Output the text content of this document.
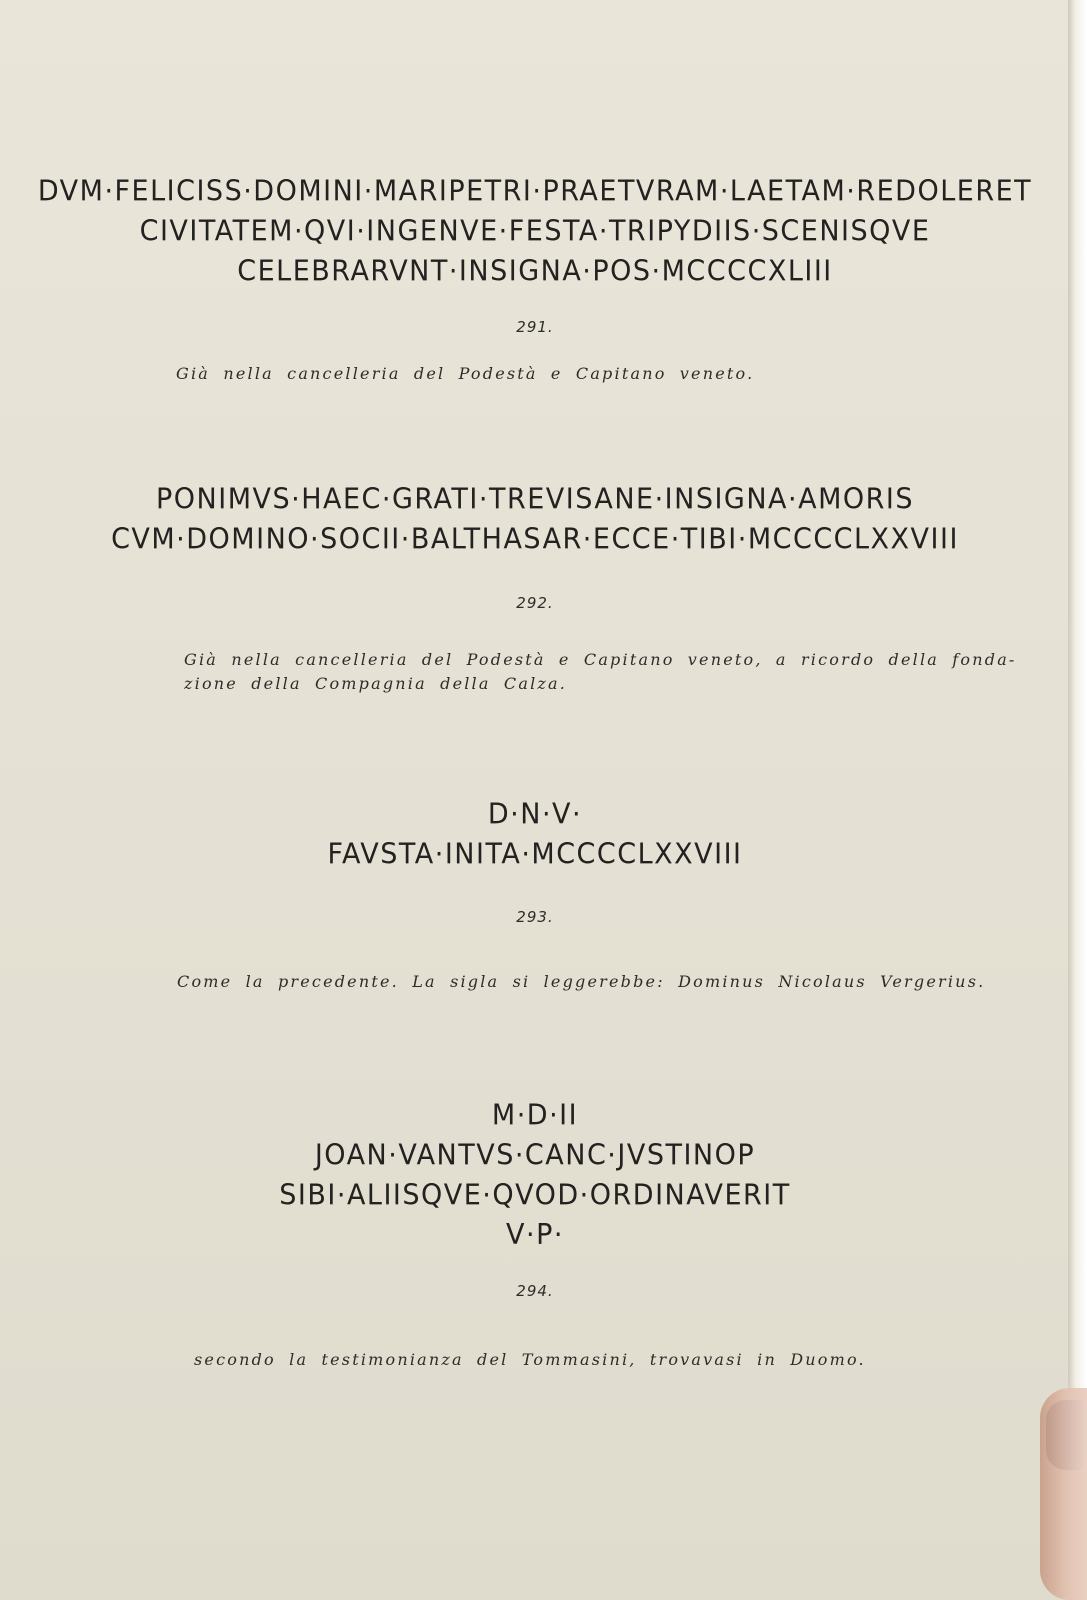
DVM·FELICISS·DOMINI·MARIPETRI·PRAETVRAM·LAETAM·REDOLERET
CIVITATEM·QVI·INGENVE·FESTA·TRIPYDIIS·SCENISQVE
CELEBRARVNT·INSIGNA·POS·MCCCCXLIII
291.
Già nella cancelleria del Podestà e Capitano veneto.
PONIMVS·HAEC·GRATI·TREVISANE·INSIGNA·AMORIS
CVM·DOMINO·SOCII·BALTHASAR·ECCE·TIBI·MCCCCLXXVIII
292.
Già nella cancelleria del Podestà e Capitano veneto, a ricordo della fonda-
zione della Compagnia della Calza.
D·N·V·
FAVSTA·INITA·MCCCCLXXVIII
293.
Come la precedente. La sigla si leggerebbe: Dominus Nicolaus Vergerius.
M·D·II
JOAN·VANTVS·CANC·JVSTINOP
SIBI·ALIISQVE·QVOD·ORDINAVERIT
V·P·
294.
secondo la testimonianza del Tommasini, trovavasi in Duomo.
